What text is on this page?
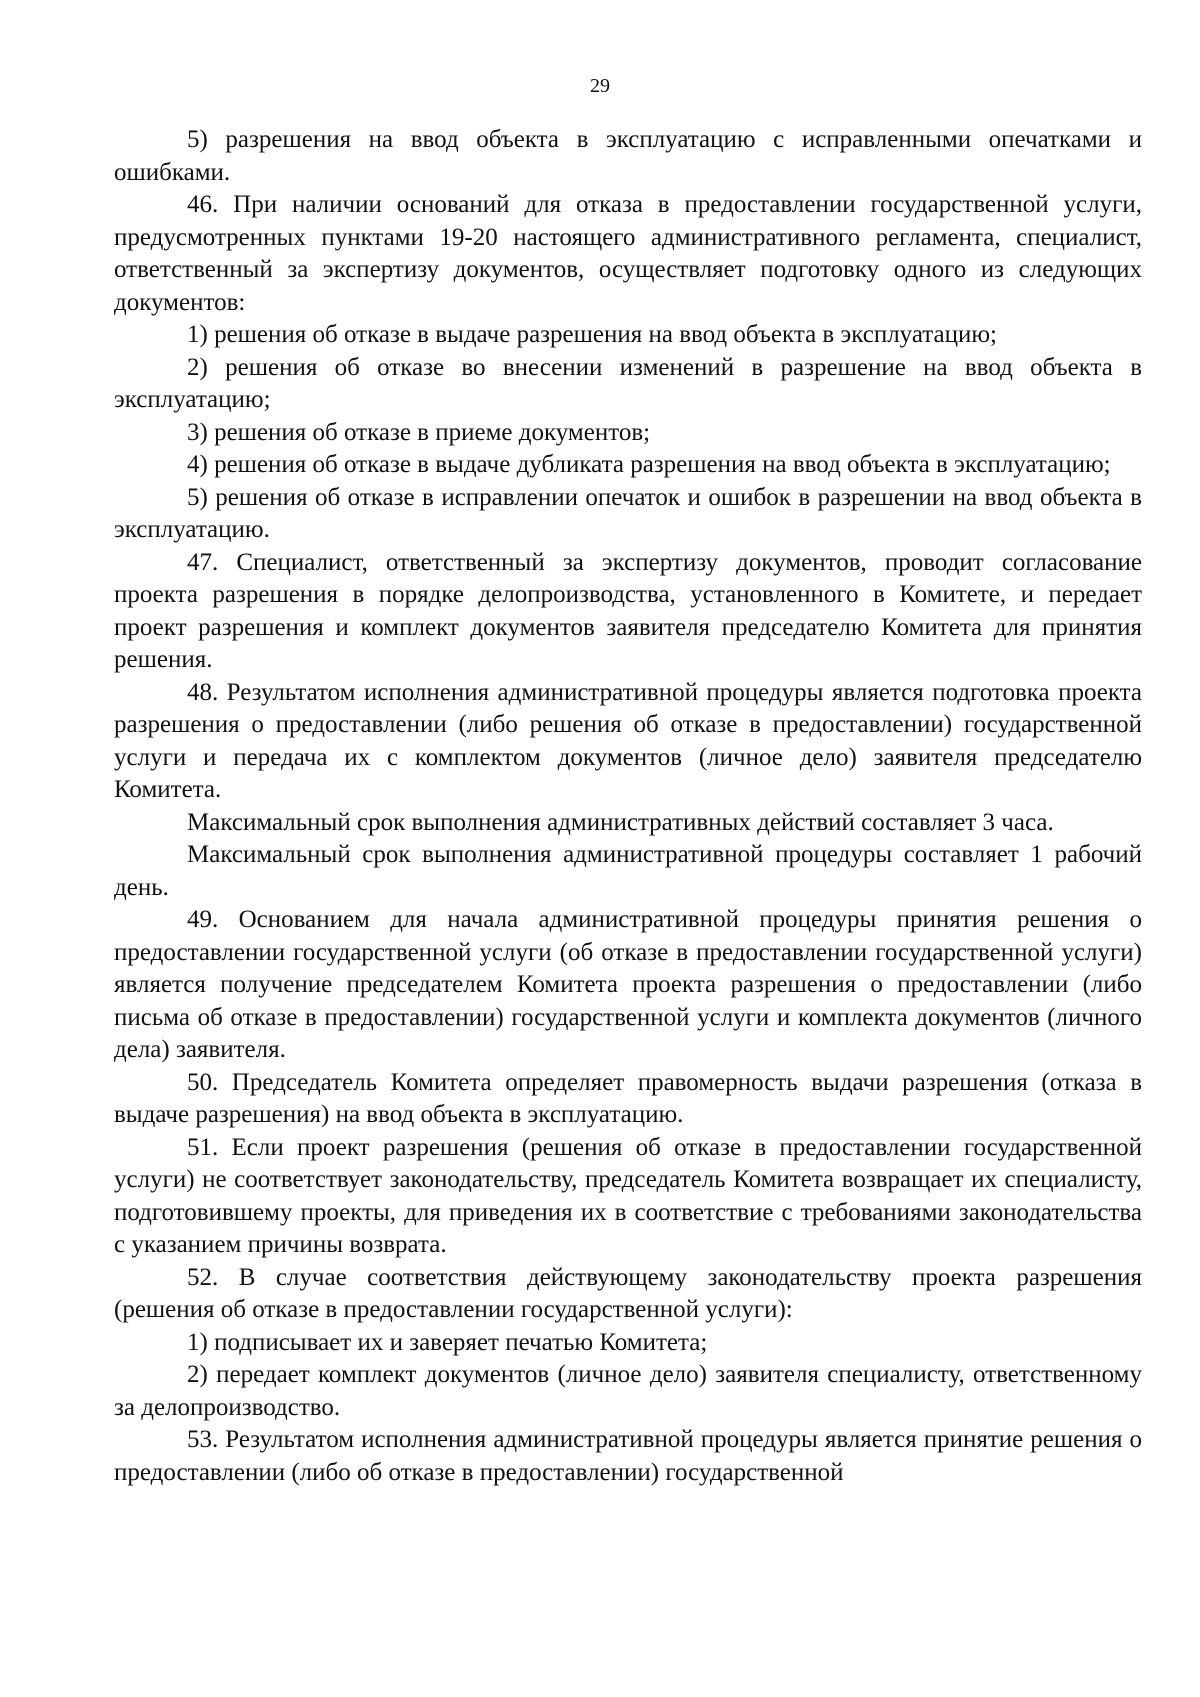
29

5) разрешения на ввод объекта в эксплуатацию с исправленными опечатками и ошибками.

46. При наличии оснований для отказа в предоставлении государственной услуги, предусмотренных пунктами 19-20 настоящего административного регламента, специалист, ответственный за экспертизу документов, осуществляет подготовку одного из следующих документов:

1) решения об отказе в выдаче разрешения на ввод объекта в эксплуатацию;

2) решения об отказе во внесении изменений в разрешение на ввод объекта в эксплуатацию;

3) решения об отказе в приеме документов;

4) решения об отказе в выдаче дубликата разрешения на ввод объекта в эксплуатацию;

5) решения об отказе в исправлении опечаток и ошибок в разрешении на ввод объекта в эксплуатацию.

47. Специалист, ответственный за экспертизу документов, проводит согласование проекта разрешения в порядке делопроизводства, установленного в Комитете, и передает проект разрешения и комплект документов заявителя председателю Комитета для принятия решения.

48. Результатом исполнения административной процедуры является подготовка проекта разрешения о предоставлении (либо решения об отказе в предоставлении) государственной услуги и передача их с комплектом документов (личное дело) заявителя председателю Комитета.

Максимальный срок выполнения административных действий составляет 3 часа.

Максимальный срок выполнения административной процедуры составляет 1 рабочий день.

49. Основанием для начала административной процедуры принятия решения о предоставлении государственной услуги (об отказе в предоставлении государственной услуги) является получение председателем Комитета проекта разрешения о предоставлении (либо письма об отказе в предоставлении) государственной услуги и комплекта документов (личного дела) заявителя.

50. Председатель Комитета определяет правомерность выдачи разрешения (отказа в выдаче разрешения) на ввод объекта в эксплуатацию.

51. Если проект разрешения (решения об отказе в предоставлении государственной услуги) не соответствует законодательству, председатель Комитета возвращает их специалисту, подготовившему проекты, для приведения их в соответствие с требованиями законодательства с указанием причины возврата.

52. В случае соответствия действующему законодательству проекта разрешения (решения об отказе в предоставлении государственной услуги):

1) подписывает их и заверяет печатью Комитета;

2) передает комплект документов (личное дело) заявителя специалисту, ответственному за делопроизводство.

53. Результатом исполнения административной процедуры является принятие решения о предоставлении (либо об отказе в предоставлении) государственной
